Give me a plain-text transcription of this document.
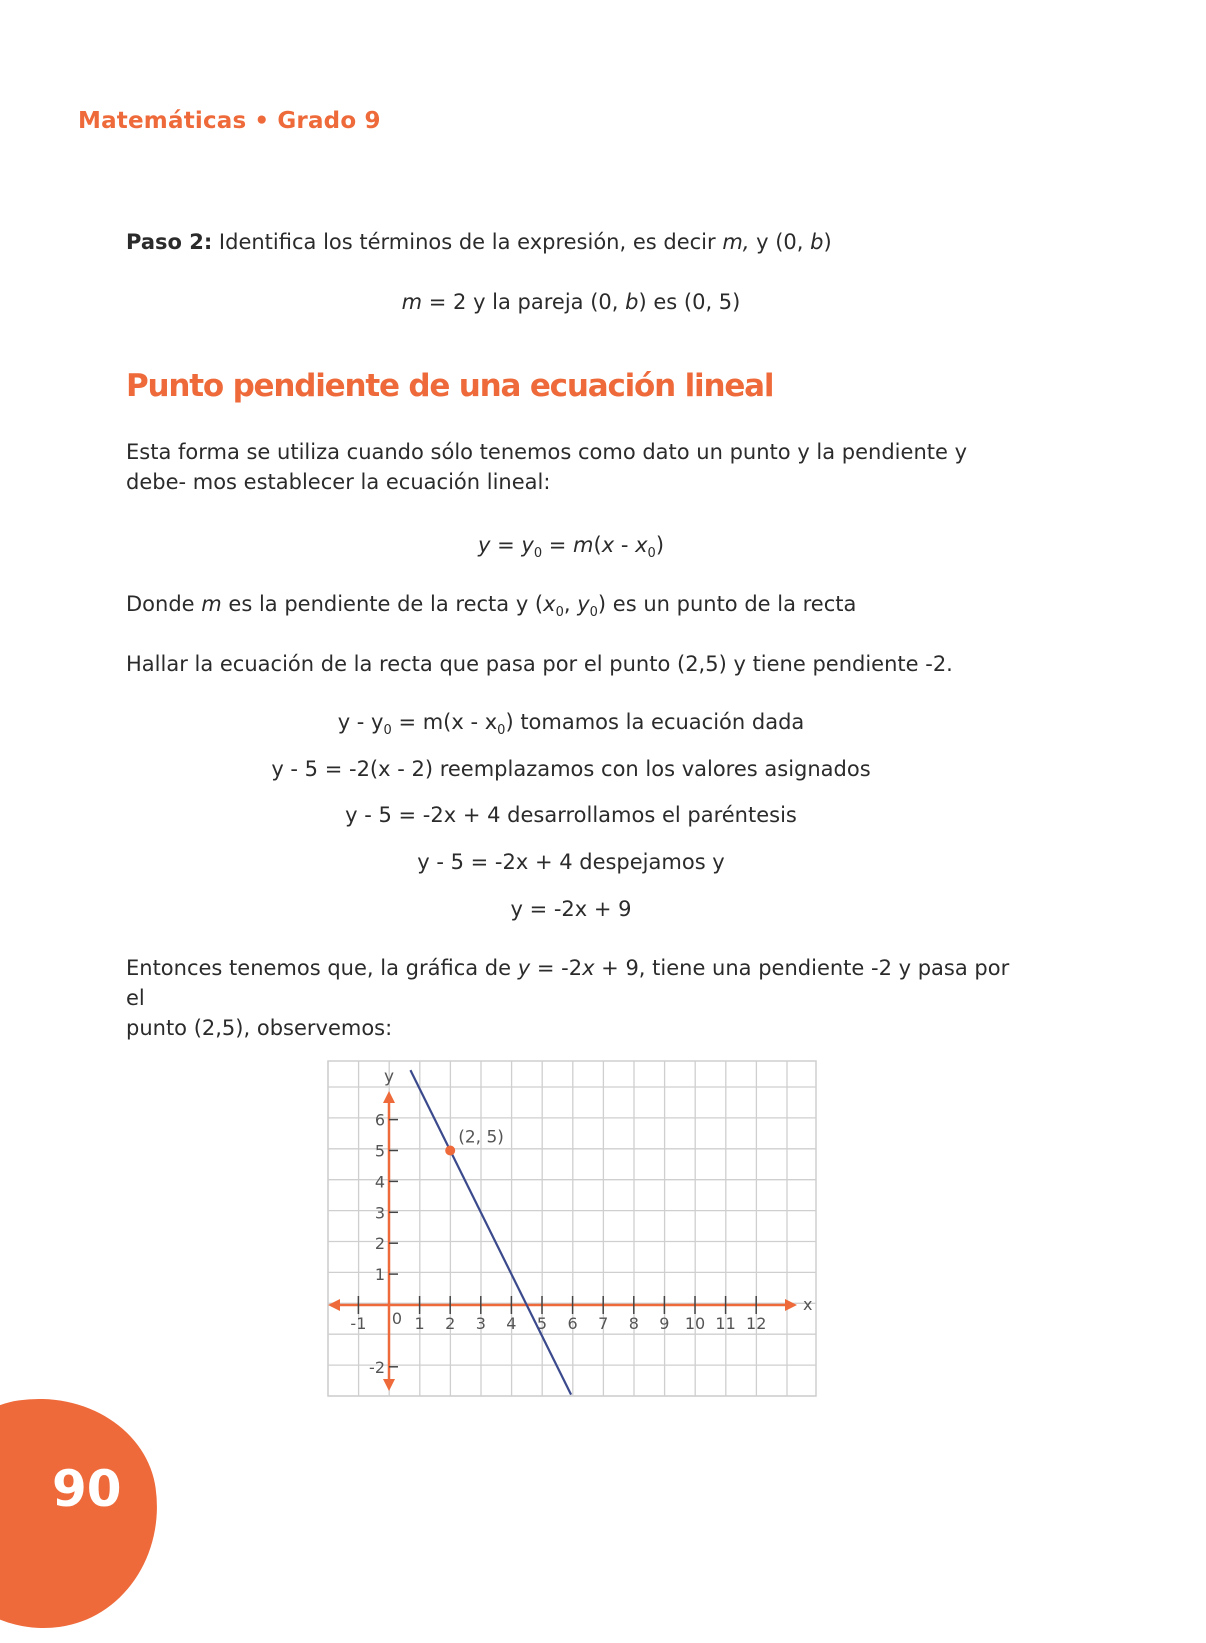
Matemáticas • Grado 9
Paso 2: Identifica los términos de la expresión, es decir m, y (0, b)
m = 2 y la pareja (0, b) es (0, 5)
Punto pendiente de una ecuación lineal
Esta forma se utiliza cuando sólo tenemos como dato un punto y la pendiente y debe- mos establecer la ecuación lineal:
$y = y_0 = m(x - x_0)$
Donde m es la pendiente de la recta y ($x_0$, $y_0$) es un punto de la recta
Hallar la ecuación de la recta que pasa por el punto (2,5) y tiene pendiente -2.
$y - y_0 = m(x - x_0)$ tomamos la ecuación dada
y - 5 = -2(x - 2) reemplazamos con los valores asignados
y - 5 = -2x + 4 desarrollamos el paréntesis
y - 5 = -2x + 4 despejamos y
y = -2x + 9
Entonces tenemos que, la gráfica de y = -2x + 9, tiene una pendiente -2 y pasa por el
punto (2,5), observemos:
x
y
-1 0 1 2 3 4 5 6 7 8 9 10 11 12
-2
1
2
3
4
5
6
(2, 5)
90
